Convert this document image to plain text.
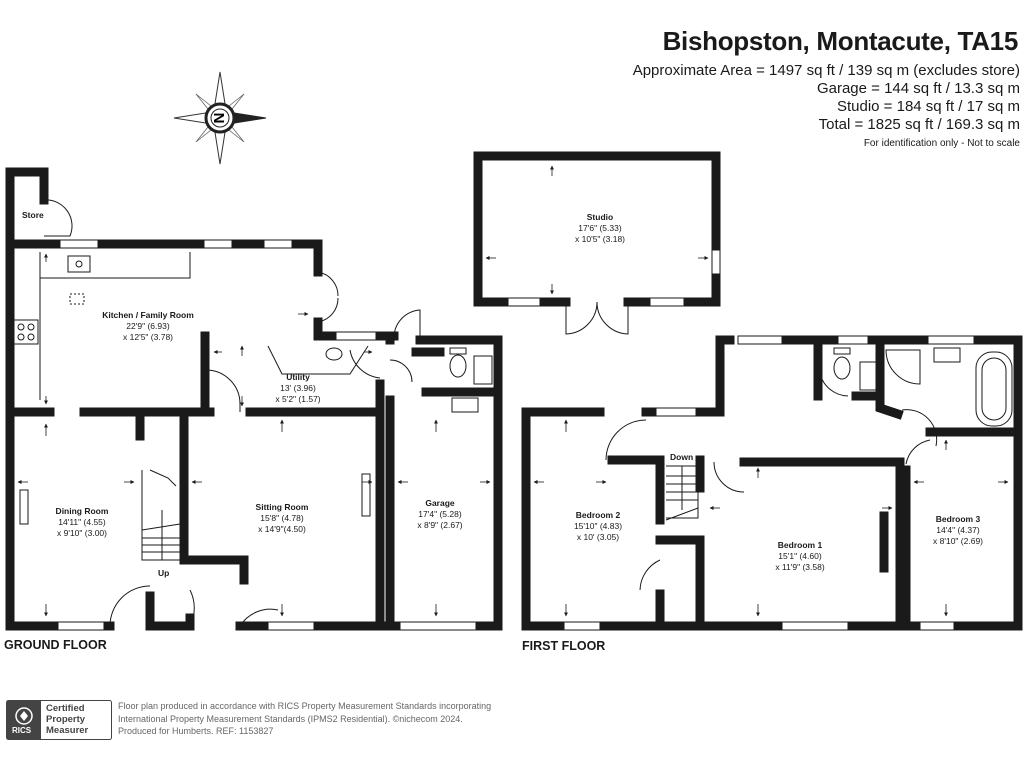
N
Bishopston, Montacute, TA15
Approximate Area = 1497 sq ft / 139 sq m (excludes store)
Garage = 144 sq ft / 13.3 sq m
Studio = 184 sq ft / 17 sq m
Total = 1825 sq ft / 169.3 sq m
For identification only - Not to scale
Store
Kitchen / Family Room
22'9" (6.93)
x 12'5" (3.78)
Utility
13' (3.96)
x 5'2" (1.57)
Dining Room
14'11" (4.55)
x 9'10" (3.00)
Sitting Room
15'8" (4.78)
x 14'9"(4.50)
Garage
17'4" (5.28)
x 8'9" (2.67)
Studio
17'6" (5.33)
x 10'5" (3.18)
Bedroom 2
15'10" (4.83)
x 10' (3.05)
Bedroom 1
15'1" (4.60)
x 11'9" (3.58)
Bedroom 3
14'4" (4.37)
x 8'10" (2.69)
Up
Down
GROUND FLOOR	FIRST FLOOR
RICS
Certified
Property
Measurer
Floor plan produced in accordance with RICS Property Measurement Standards incorporating
International Property Measurement Standards (IPMS2 Residential). ©nichecom 2024.
Produced for Humberts. REF: 1153827
